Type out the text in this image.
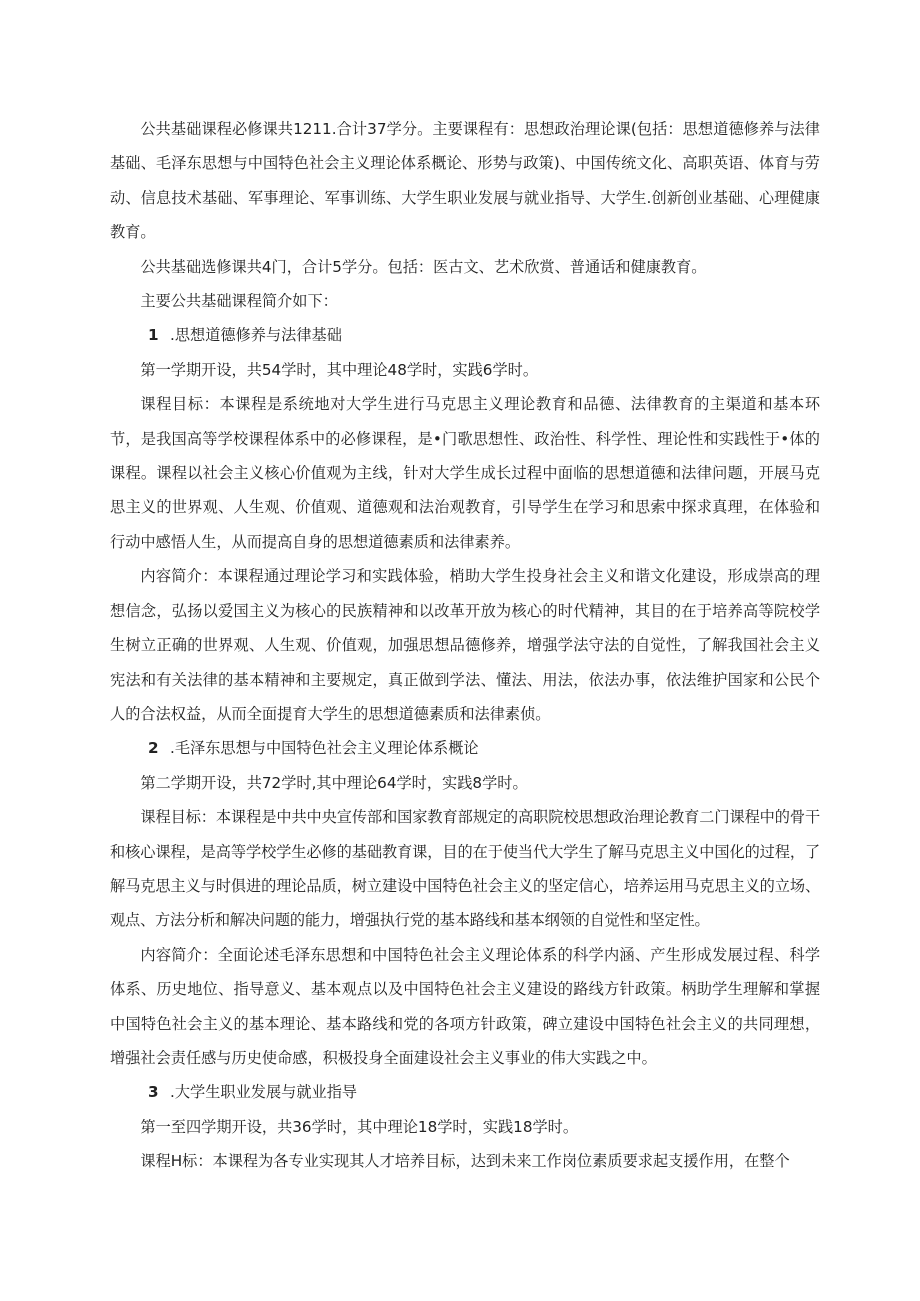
公共基础课程必修课共1211.合计37学分。主要课程有：思想政治理论课(包括：思想道德修养与法律基础、毛泽东思想与中国特色社会主义理论体系概论、形势与政策)、中国传统文化、高职英语、体育与劳动、信息技术基础、军事理论、军事训练、大学生职业发展与就业指导、大学生.创新创业基础、心理健康教育。

公共基础选修课共4门，合计5学分。包括：医古文、艺术欣赏、普通话和健康教育。

主要公共基础课程简介如下：

1 .思想道德修养与法律基础

第一学期开设，共54学时，其中理论48学时，实践6学时。

课程目标：本课程是系统地对大学生进行马克思主义理论教育和品德、法律教育的主渠道和基本环节，是我国高等学校课程体系中的必修课程，是•门歌思想性、政治性、科学性、理论性和实践性于•体的课程。课程以社会主义核心价值观为主线，针对大学生成长过程中面临的思想道德和法律问题，开展马克思主义的世界观、人生观、价值观、道德观和法治观教育，引导学生在学习和思索中探求真理，在体验和行动中感悟人生，从而提高自身的思想道德素质和法律素养。

内容简介：本课程通过理论学习和实践体验，梢助大学生投身社会主义和谐文化建设，形成崇高的理想信念，弘扬以爱国主义为核心的民族精神和以改革开放为核心的时代精神，其目的在于培养高等院校学生树立正确的世界观、人生观、价值观，加强思想品德修养，增强学法守法的自觉性，了解我国社会主义宪法和有关法律的基本精神和主要规定，真正做到学法、懂法、用法，依法办事，依法维护国家和公民个人的合法权益，从而全面提育大学生的思想道德素质和法律素侦。

2 .毛泽东思想与中国特色社会主义理论体系概论

第二学期开设，共72学时,其中理论64学时，实践8学时。

课程目标：本课程是中共中央宣传部和国家教育部规定的高职院校思想政治理论教育二门课程中的骨干和核心课程，是高等学校学生必修的基础教育课，目的在于使当代大学生了解马克思主义中国化的过程，了解马克思主义与时俱进的理论品质，树立建设中国特色社会主义的坚定信心，培养运用马克思主义的立场、观点、方法分析和解决问题的能力，增强执行党的基本路线和基本纲领的自觉性和坚定性。

内容简介：全面论述毛泽东思想和中国特色社会主义理论体系的科学内涵、产生形成发展过程、科学体系、历史地位、指导意义、基本观点以及中国特色社会主义建设的路线方针政策。柄助学生理解和掌握中国特色社会主义的基本理论、基本路线和党的各项方针政策，碑立建设中国特色社会主义的共同理想，增强社会责任感与历史使命感，积极投身全面建设社会主义事业的伟大实践之中。

3 .大学生职业发展与就业指导

第一至四学期开设，共36学时，其中理论18学时，实践18学时。

课程H标：本课程为各专业实现其人才培养目标，达到未来工作岗位素质要求起支援作用，在整个
